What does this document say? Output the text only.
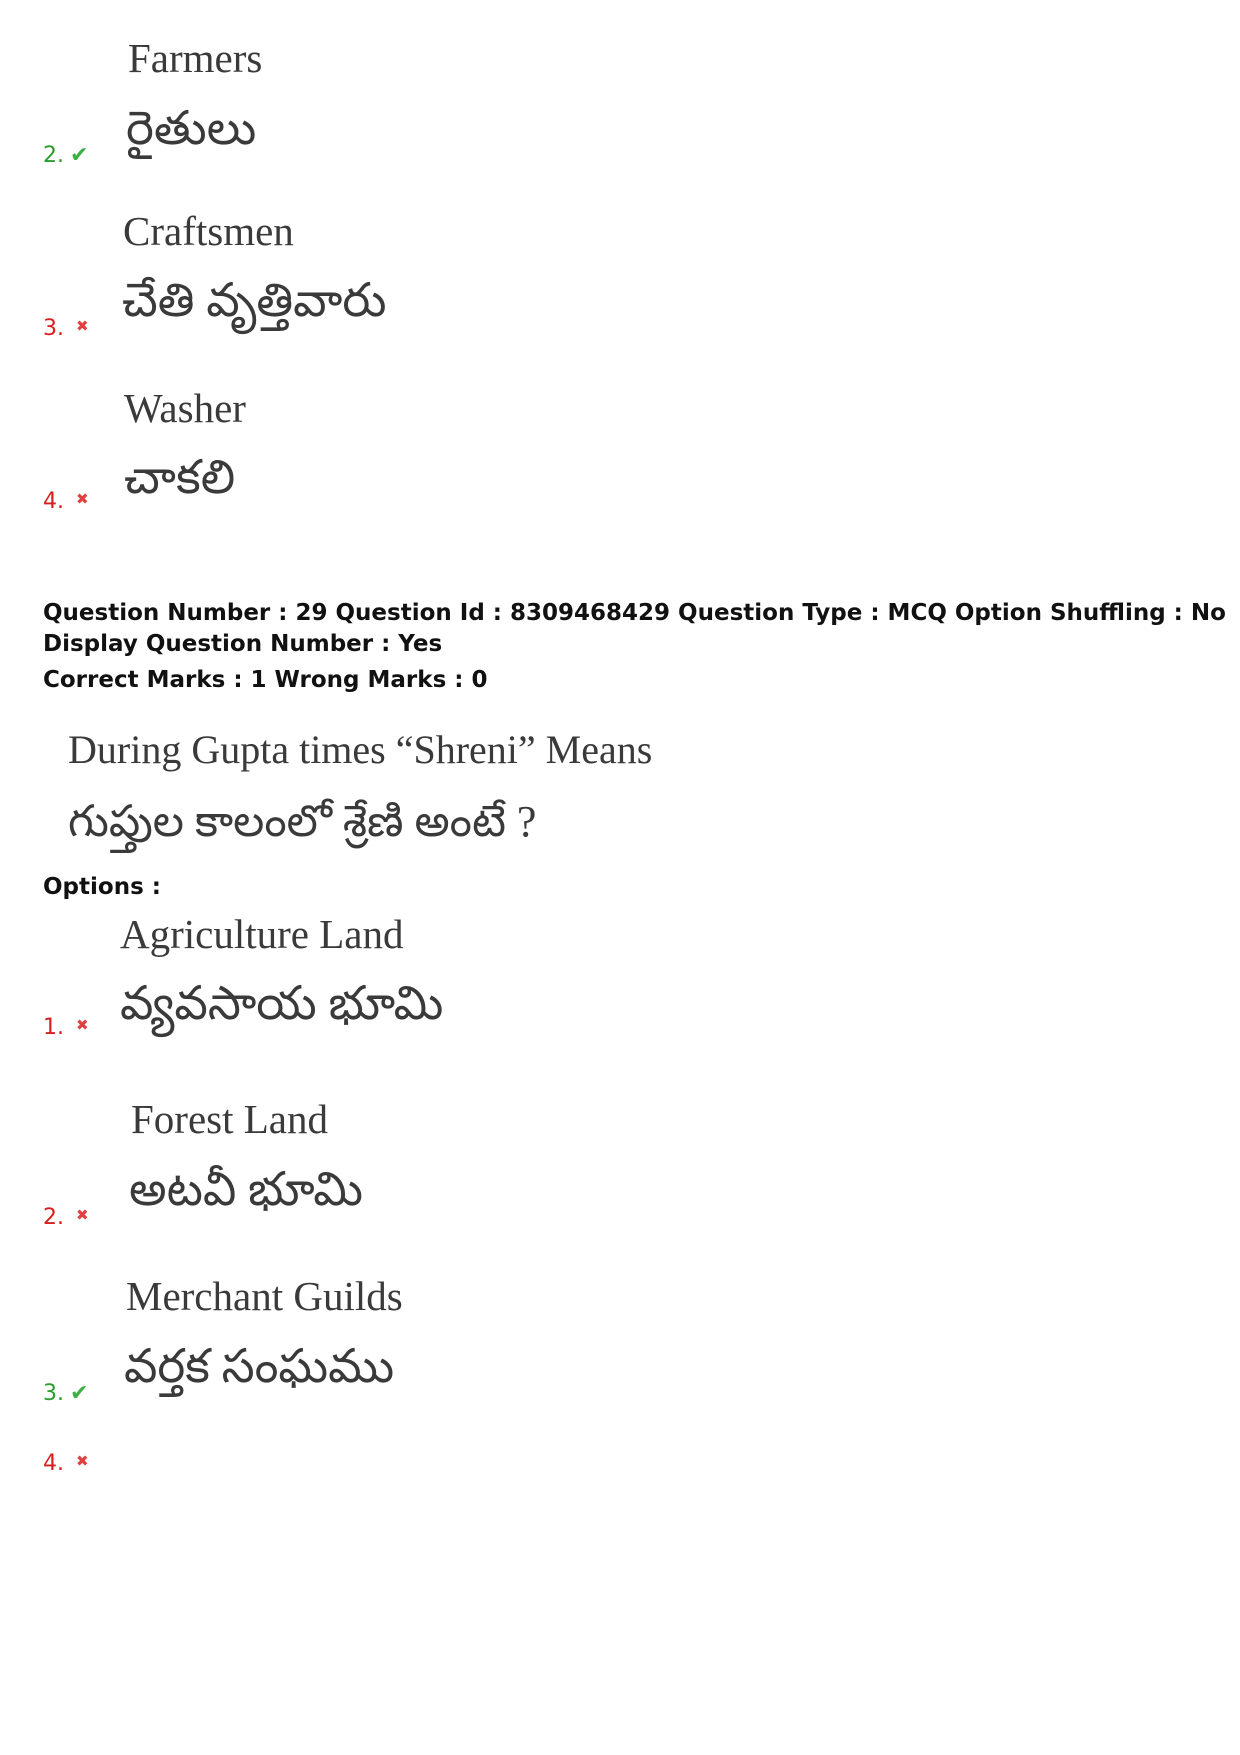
Farmers
రైతులు
2. ✔
Craftsmen
చేతి వృత్తివారు
3. ✖
Washer
చాకలి
4. ✖
Question Number : 29 Question Id : 8309468429 Question Type : MCQ Option Shuffling : No
Display Question Number : Yes
Correct Marks : 1 Wrong Marks : 0
During Gupta times “Shreni” Means
గుప్తుల కాలంలో శ్రేణి అంటే ?
Options :
Agriculture Land
వ్యవసాయ భూమి
1. ✖
Forest Land
అటవీ భూమి
2. ✖
Merchant Guilds
వర్తక సంఘము
3. ✔
4. ✖
